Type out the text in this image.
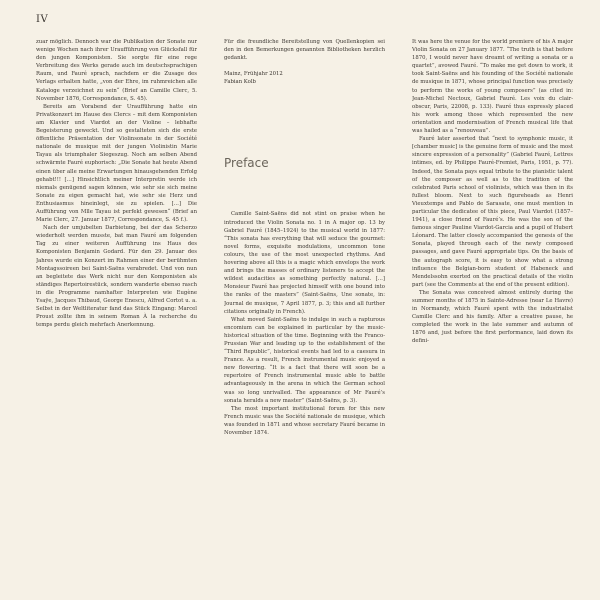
IV

zuar möglich. Dennoch war die Publikation der Sonate nur wenige Wochen nach ihrer Uraufführung von Glücksfall für den jungen Komponisten. Sie sorgte für eine rege Verbreitung des Werks gerade auch im deutschsprachigen Raum, und Fauré sprach, nachdem er die Zusage des Verlags erhalten hatte, „von der Ehre, im ruhmreichen alle Kataloge verzeichnet zu sein“ (Brief an Camille Clerc, 5. November 1876, Correspondance, S. 45).

Bereits am Vorabend der Uraufführung hatte ein Privatkonzert im Hause des Clercs – mit dem Komponisten am Klavier und Viardot an der Violine – lebhafte Begeisterung geweckt. Und so gestalteten sich die erste öffentliche Präsentation der Violinsonate in der Société nationale de musique mit der jungen Violinistin Marie Tayau als triumphaler Siegeszug. Noch am selben Abend schwärmte Fauré euphorisch: „Die Sonate hat heute Abend einen über alle meine Erwartungen hinausgehenden Erfolg gehabt!!! […] Hinsichtlich meiner Interpretin werde ich niemals genügend sagen können, wie sehr sie sich meine Sonate zu eigen gemacht hat, wie sehr sie Herz und Enthusiasmus hineinlegt, sie zu spielen. […] Die Aufführung von Mlle Tayau ist perfekt gewesen“ (Brief an Marie Clerc, 27. Januar 1877, Correspondance, S. 45 f.).

Nach der umjubelten Darbietung, bei der das Scherzo wiederholt werden musste, bat man Fauré am folgenden Tag zu einer weiteren Aufführung ins Haus des Komponisten Benjamin Godard. Für den 29. Januar des Jahres wurde ein Konzert im Rahmen einer der berühmten Montagssoireen bei Saint-Saëns verabredet. Und von nun an begleitete das Werk nicht nur den Komponisten als ständiges Repertoirestück, sondern wanderte ebenso rasch in die Programme namhafter Interpreten wie Eugène Ysaÿe, Jacques Thibaud, George Enescu, Alfred Cortot u. a. Selbst in der Weltliteratur fand das Stück Eingang: Marcel Proust zollte ihm in seinem Roman À la recherche du temps perdu gleich mehrfach Anerkennung.

Für die freundliche Bereitstellung von Quellenkopien sei den in den Bemerkungen genannten Bibliotheken herzlich gedankt.

Mainz, Frühjahr 2012
Fabian Kolb
Preface

Camille Saint-Saëns did not stint on praise when he introduced the Violin Sonata no. 1 in A major op. 13 by Gabriel Fauré (1845–1924) to the musical world in 1877: “This sonata has everything that will seduce the gourmet: novel forms, exquisite modulations, uncommon tone colours, the use of the most unexpected rhythms. And hovering above all this is a magic which envelops the work and brings the masses of ordinary listeners to accept the wildest audacities as something perfectly natural. […] Monsieur Fauré has projected himself with one bound into the ranks of the masters” (Saint-Saëns, Une sonate, in: Journal de musique, 7 April 1877, p. 3; this and all further citations originally in French).

What moved Saint-Saëns to indulge in such a rapturous encomium can be explained in particular by the music-historical situation of the time. Beginning with the Franco-Prussian War and leading up to the establishment of the “Third Republic”, historical events had led to a caesura in France. As a result, French instrumental music enjoyed a new flowering. “It is a fact that there will soon be a repertoire of French instrumental music able to battle advantageously in the arena in which the German school was so long unrivalled. The appearance of Mr Fauré’s sonata heralds a new master” (Saint-Saëns, p. 3).

The most important institutional forum for this new French music was the Société nationale de musique, which was founded in 1871 and whose secretary Fauré became in November 1874.

It was here the venue for the world premiere of his A major Violin Sonata on 27 January 1877. “The truth is that before 1870, I would never have dreamt of writing a sonata or a quartet”, avowed Fauré. “To make me get down to work, it took Saint-Saëns and his founding of the Société nationale de musique in 1871, whose principal function was precisely to perform the works of young composers” (as cited in: Jean-Michel Nectoux, Gabriel Fauré. Les voix du clair-obscur, Paris, 22008, p. 133). Fauré thus expressly placed his work among those which represented the new orientation and modernisation of French musical life that was hailed as a “renouveau”.

Fauré later asserted that “next to symphonic music, it [chamber music] is the genuine form of music and the most sincere expression of a personality” (Gabriel Fauré, Lettres intimes, ed. by Philippe Fauré-Fremiet, Paris, 1951, p. 77). Indeed, the Sonata pays equal tribute to the pianistic talent of the composer as well as to the tradition of the celebrated Paris school of violinists, which was then in its fullest bloom. Next to such figureheads as Henri Vieuxtemps and Pablo de Sarasate, one must mention in particular the dedicatee of this piece, Paul Viardot (1857–1941), a close friend of Fauré’s. He was the son of the famous singer Pauline Viardot-Garcia and a pupil of Hubert Léonard. The latter closely accompanied the genesis of the Sonata, played through each of the newly composed passages, and gave Fauré appropriate tips. On the basis of the autograph score, it is easy to show what a strong influence the Belgian-born student of Habeneck and Mendelssohn exerted on the practical details of the violin part (see the Comments at the end of the present edition).

The Sonata was conceived almost entirely during the summer months of 1875 in Sainte-Adresse (near Le Havre) in Normandy, which Fauré spent with the industrialist Camille Clerc and his family. After a creative pause, he completed the work in the late summer and autumn of 1876 and, just before the first performance, laid down its defini-
